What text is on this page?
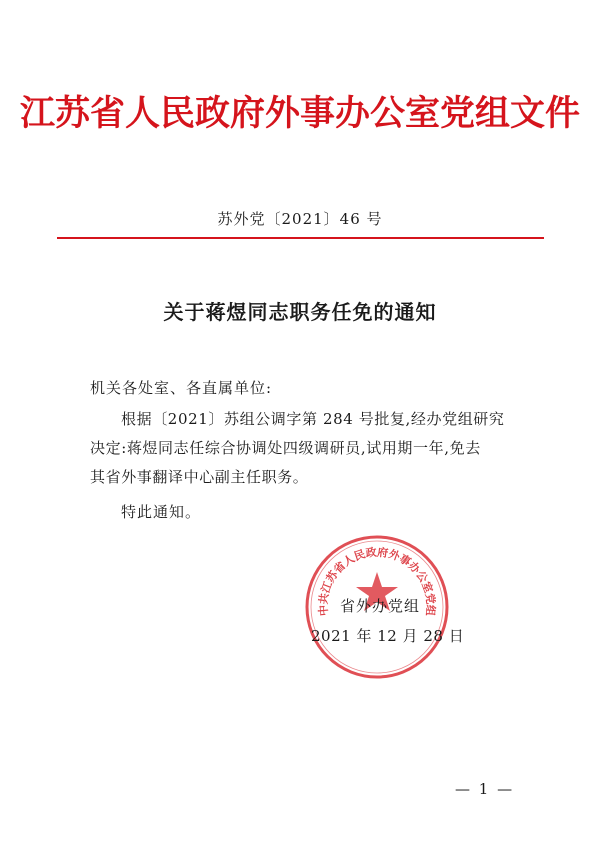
江苏省人民政府外事办公室党组文件
苏外党〔2021〕46 号
关于蒋煜同志职务任免的通知
机关各处室、各直属单位:
根据〔2021〕苏组公调字第 284 号批复,经办党组研究
决定:蒋煜同志任综合协调处四级调研员,试用期一年,免去
其省外事翻译中心副主任职务。
特此通知。
中共江苏省人民政府外事办公室党组
省外办党组
2021 年 12 月 28 日
— 1 —
